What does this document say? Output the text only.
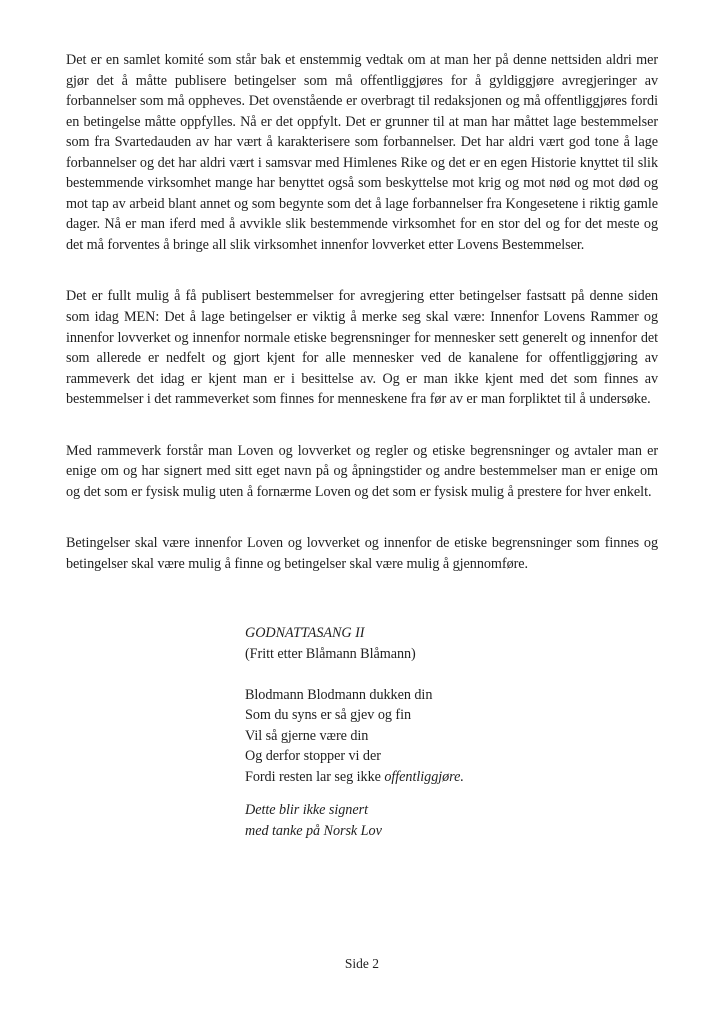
Det er en samlet komité som står bak et enstemmig vedtak om at man her på denne nettsiden aldri mer gjør det å måtte publisere betingelser som må offentliggjøres for å gyldiggjøre avregjeringer av forbannelser som må oppheves. Det ovenstående er overbragt til redaksjonen og må offentliggjøres fordi en betingelse måtte oppfylles. Nå er det oppfylt. Det er grunner til at man har måttet lage bestemmelser som fra Svartedauden av har vært å karakterisere som forbannelser. Det har aldri vært god tone å lage forbannelser og det har aldri vært i samsvar med Himlenes Rike og det er en egen Historie knyttet til slik bestemmende virksomhet mange har benyttet også som beskyttelse mot krig og mot nød og mot død og mot tap av arbeid blant annet og som begynte som det å lage forbannelser fra Kongesetene i riktig gamle dager. Nå er man iferd med å avvikle slik bestemmende virksomhet for en stor del og for det meste og det må forventes å bringe all slik virksomhet innenfor lovverket etter Lovens Bestemmelser.

Det er fullt mulig å få publisert bestemmelser for avregjering etter betingelser fastsatt på denne siden som idag MEN: Det å lage betingelser er viktig å merke seg skal være: Innenfor Lovens Rammer og innenfor lovverket og innenfor normale etiske begrensninger for mennesker sett generelt og innenfor det som allerede er nedfelt og gjort kjent for alle mennesker ved de kanalene for offentliggjøring av rammeverk det idag er kjent man er i besittelse av. Og er man ikke kjent med det som finnes av bestemmelser i det rammeverket som finnes for menneskene fra før av er man forpliktet til å undersøke.

Med rammeverk forstår man Loven og lovverket og regler og etiske begrensninger og avtaler man er enige om og har signert med sitt eget navn på og åpningstider og andre bestemmelser man er enige om og det som er fysisk mulig uten å fornærme Loven og det som er fysisk mulig å prestere for hver enkelt.

Betingelser skal være innenfor Loven og lovverket og innenfor de etiske begrensninger som finnes og betingelser skal være mulig å finne og betingelser skal være mulig å gjennomføre.

GODNATTASANG II
(Fritt etter Blåmann Blåmann)
Blodmann Blodmann dukken din
Som du syns er så gjev og fin
Vil så gjerne være din
Og derfor stopper vi der
Fordi resten lar seg ikke offentliggjøre.
Dette blir ikke signert
med tanke på Norsk Lov
Side 2
